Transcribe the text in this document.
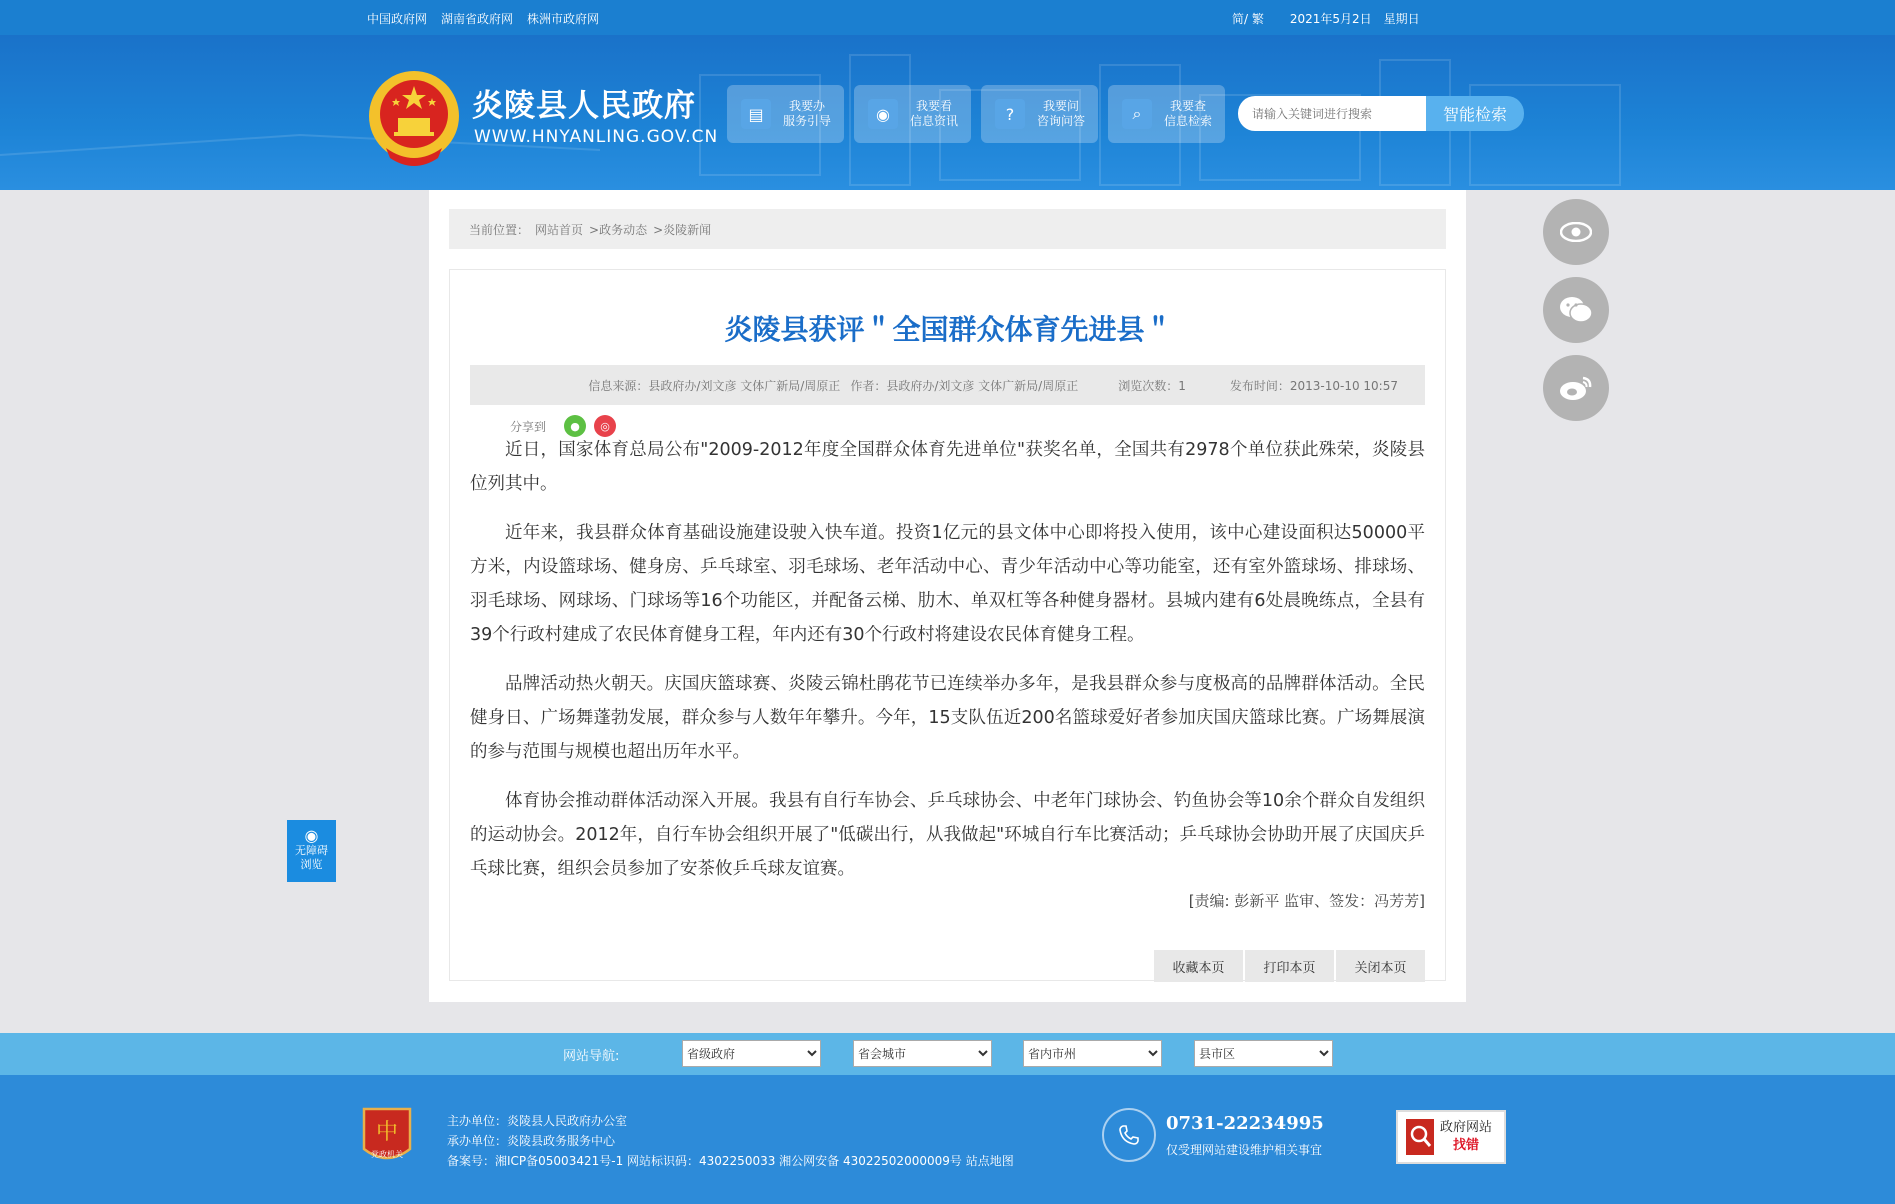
中国政府网 湖南省政府网 株洲市政府网	简/ 繁 2021年5月2日 星期日
炎陵县人民政府
WWW.HNYANLING.GOV.CN
▤	我要办
服务引导	◉	我要看
信息资讯	?	我要问
咨询问答	⌕	我要查
信息检索
请输入关键词进行搜索	智能检索
当前位置： 网站首页 >政务动态 >炎陵新闻
炎陵县获评＂全国群众体育先进县＂
信息来源：县政府办/刘文彦 文体广新局/周原正 作者：县政府办/刘文彦 文体广新局/周原正	浏览次数：1	发布时间：2013-10-10 10:57
分享到	●	◎

近日，国家体育总局公布"2009-2012年度全国群众体育先进单位"获奖名单，全国共有2978个单位获此殊荣，炎陵县位列其中。

近年来，我县群众体育基础设施建设驶入快车道。投资1亿元的县文体中心即将投入使用，该中心建设面积达50000平方米，内设篮球场、健身房、乒乓球室、羽毛球场、老年活动中心、青少年活动中心等功能室，还有室外篮球场、排球场、羽毛球场、网球场、门球场等16个功能区，并配备云梯、肋木、单双杠等各种健身器材。县城内建有6处晨晚练点，全县有39个行政村建成了农民体育健身工程，年内还有30个行政村将建设农民体育健身工程。

品牌活动热火朝天。庆国庆篮球赛、炎陵云锦杜鹃花节已连续举办多年，是我县群众参与度极高的品牌群体活动。全民健身日、广场舞蓬勃发展，群众参与人数年年攀升。今年，15支队伍近200名篮球爱好者参加庆国庆篮球比赛。广场舞展演的参与范围与规模也超出历年水平。

体育协会推动群体活动深入开展。我县有自行车协会、乒乓球协会、中老年门球协会、钓鱼协会等10余个群众自发组织的运动协会。2012年，自行车协会组织开展了"低碳出行，从我做起"环城自行车比赛活动；乒乓球协会协助开展了庆国庆乒乓球比赛，组织会员参加了安茶攸乒乓球友谊赛。

[责编: 彭新平 监审、签发：冯芳芳]
收藏本页	打印本页	关闭本页
◉
无障碍
浏览
网站导航:
省级政府
省会城市
省内市州
县市区
中
党政机关
主办单位：炎陵县人民政府办公室
承办单位：炎陵县政务服务中心
备案号：湘ICP备05003421号-1 网站标识码：4302250033 湘公网安备 43022502000009号 站点地图
0731-22234995
仅受理网站建设维护相关事宜
政府网站
找错
